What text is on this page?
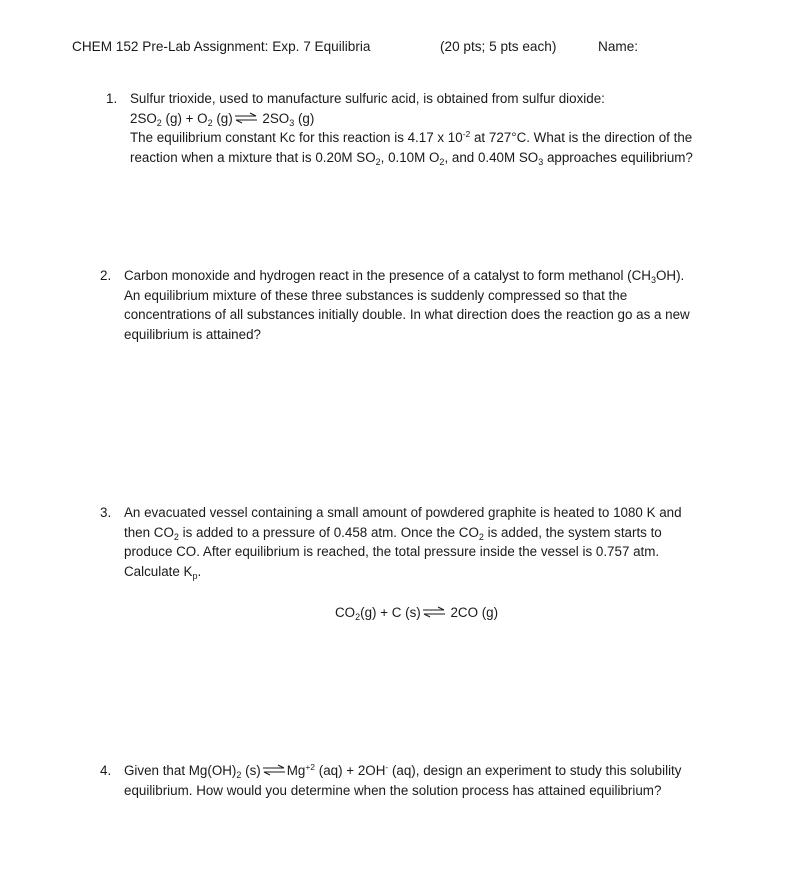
CHEM 152 Pre-Lab Assignment: Exp. 7 Equilibria	(20 pts; 5 pts each)	Name:
1. Sulfur trioxide, used to manufacture sulfuric acid, is obtained from sulfur dioxide:
$2SO_2$ $(g) + O_2$ (g)⇌ $2SO_3$ (g)
The equilibrium constant Kc for this reaction is 4.17 x $10^{-2}$ at 727°C. What is the direction of the
reaction when a mixture that is 0.20M $SO_2$, 0.10M $O_2$, and 0.40M $SO_3$ approaches equilibrium?
2. Carbon monoxide and hydrogen react in the presence of a catalyst to form methanol $(CH_3OH)$.
An equilibrium mixture of these three substances is suddenly compressed so that the
concentrations of all substances initially double. In what direction does the reaction go as a new
equilibrium is attained?
3. An evacuated vessel containing a small amount of powdered graphite is heated to 1080 K and
then $CO_2$ is added to a pressure of 0.458 atm. Once the $CO_2$ is added, the system starts to
produce CO. After equilibrium is reached, the total pressure inside the vessel is 0.757 atm.
Calculate $K_p$.
$CO_2(g) + C$ (s)⇌ 2CO (g)
4. Given that $Mg(OH)_2$ $(s)\rightleftharpoons Mg^{+2}$ (aq) + 2OH- (aq), design an experiment to study this solubility
equilibrium. How would you determine when the solution process has attained equilibrium?
